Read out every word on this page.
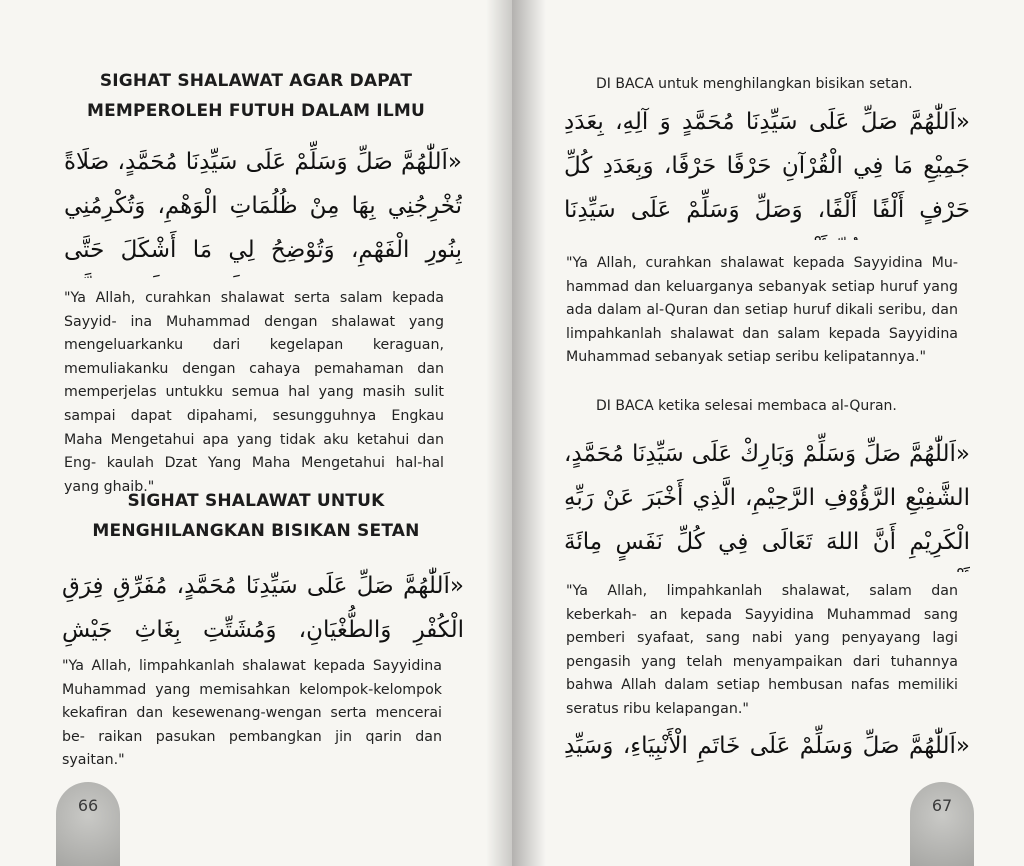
SIGHAT SHALAWAT AGAR DAPAT
MEMPEROLEH FUTUH DALAM ILMU
«اَللّٰهُمَّ صَلِّ وَسَلِّمْ عَلَى سَيِّدِنَا مُحَمَّدٍ، صَلَاةً تُخْرِجُنِي بِهَا مِنْ ظُلُمَاتِ الْوَهْمِ، وَتُكْرِمُنِي بِنُورِ الْفَهْمِ، وَتُوْضِحُ لِي مَا أَشْكَلَ حَتَّى
"Ya Allah, curahkan shalawat serta salam kepada Sayyid- ina Muhammad dengan shalawat yang mengeluarkanku dari kegelapan keraguan, memuliakanku dengan cahaya pemahaman dan memperjelas untukku semua hal yang masih sulit sampai dapat dipahami, sesungguhnya Engkau Maha Mengetahui apa yang tidak aku ketahui dan Eng- kaulah Dzat Yang Maha Mengetahui hal-hal yang ghaib."
SIGHAT SHALAWAT UNTUK
MENGHILANGKAN BISIKAN SETAN
«اَللّٰهُمَّ صَلِّ عَلَى سَيِّدِنَا مُحَمَّدٍ، مُفَرِّقِ فِرَقِ الْكُفْرِ وَالطُّغْيَانِ، وَمُشَتِّتِ بِغَاثِ جَيْشِ
"Ya Allah, limpahkanlah shalawat kepada Sayyidina Muhammad yang memisahkan kelompok-kelompok kekafiran dan kesewenang-wengan serta mencerai be- raikan pasukan pembangkan jin qarin dan syaitan."
66
DI BACA untuk menghilangkan bisikan setan.
«اَللّٰهُمَّ صَلِّ عَلَى سَيِّدِنَا مُحَمَّدٍ وَ آلِهِ، بِعَدَدِ جَمِيْعِ مَا فِي الْقُرْآنِ حَرْفًا حَرْفًا، وَبِعَدَدِ كُلِّ حَرْفٍ أَلْفًا أَلْفًا، وَصَلِّ وَسَلِّمْ عَلَى سَيِّدِنَا
"Ya Allah, curahkan shalawat kepada Sayyidina Mu- hammad dan keluarganya sebanyak setiap huruf yang ada dalam al-Quran dan setiap huruf dikali seribu, dan limpahkanlah shalawat dan salam kepada Sayyidina Muhammad sebanyak setiap seribu kelipatannya."
DI BACA ketika selesai membaca al-Quran.
«اَللّٰهُمَّ صَلِّ وَسَلِّمْ وَبَارِكْ عَلَى سَيِّدِنَا مُحَمَّدٍ، الشَّفِيْعِ الرَّؤُوْفِ الرَّحِيْمِ، الَّذِي أَخْبَرَ عَنْ رَبِّهِ الْكَرِيْمِ أَنَّ اللهَ تَعَالَى فِي كُلِّ نَفَسٍ مِائَةَ
"Ya Allah, limpahkanlah shalawat, salam dan keberkah- an kepada Sayyidina Muhammad sang pemberi syafaat, sang nabi yang penyayang lagi pengasih yang telah menyampaikan dari tuhannya bahwa Allah dalam setiap hembusan nafas memiliki seratus ribu kelapangan."
«اَللّٰهُمَّ صَلِّ وَسَلِّمْ عَلَى خَاتَمِ الْأَنْبِيَاءِ، وَسَيِّدِ
67
